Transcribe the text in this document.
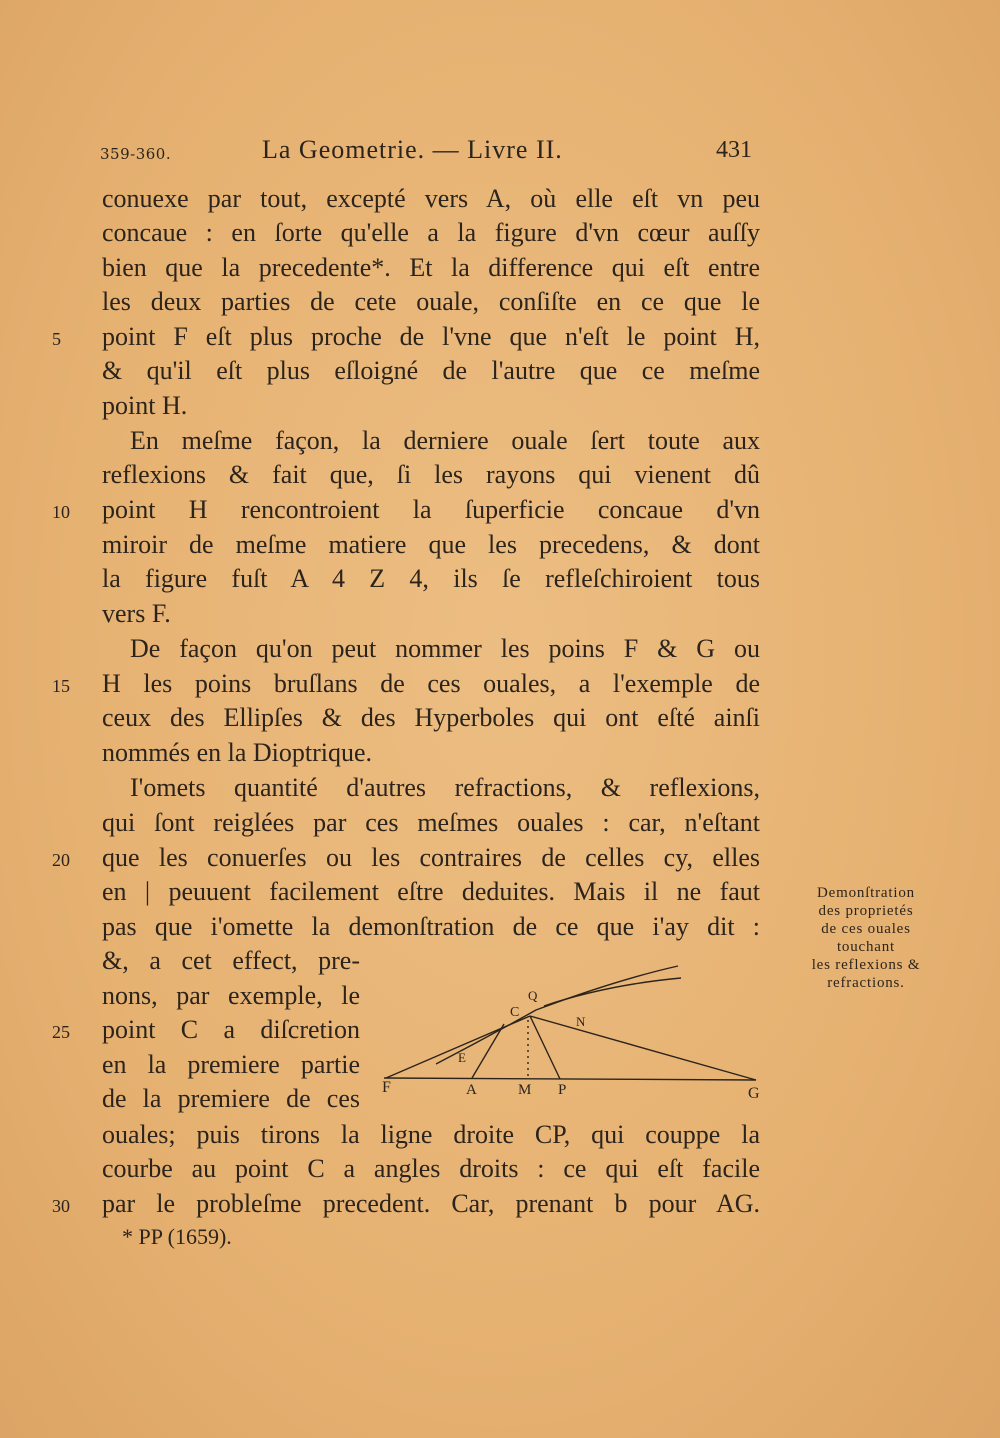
359-360.	La Geometrie. — Livre II.	431
conuexe par tout, excepté vers A, où elle eſt vn peu
concaue : en ſorte qu'elle a la figure d'vn cœur auſſy
bien que la precedente*. Et la difference qui eſt entre
les deux parties de cete ouale, conſiſte en ce que le
point F eſt plus proche de l'vne que n'eſt le point H,
& qu'il eſt plus eſloigné de l'autre que ce meſme
point H.
En meſme façon, la derniere ouale ſert toute aux
reflexions & fait que, ſi les rayons qui vienent dû
point H rencontroient la ſuperficie concaue d'vn
miroir de meſme matiere que les precedens, & dont
la figure fuſt A 4 Z 4, ils ſe refleſchiroient tous
vers F.
De façon qu'on peut nommer les poins F & G ou
H les poins bruſlans de ces ouales, a l'exemple de
ceux des Ellipſes & des Hyperboles qui ont eſté ainſi
nommés en la Dioptrique.
I'omets quantité d'autres refractions, & reflexions,
qui ſont reiglées par ces meſmes ouales : car, n'eſtant
que les conuerſes ou les contraires de celles cy, elles
en | peuuent facilement eſtre deduites. Mais il ne faut
pas que i'omette la demonſtration de ce que i'ay dit :
&, a cet effect, pre-
nons, par exemple, le
point C a diſcretion
en la premiere partie
de la premiere de ces
ouales; puis tirons la ligne droite CP, qui couppe la
courbe au point C a angles droits : ce qui eſt facile
par le probleſme precedent. Car, prenant b pour AG.
5
10
15
20
25
30
Demonſtration
des proprietés
de ces ouales
touchant
les reflexions &
refractions.
F	A	M P	G
C
Q
N
E
* PP (1659).
